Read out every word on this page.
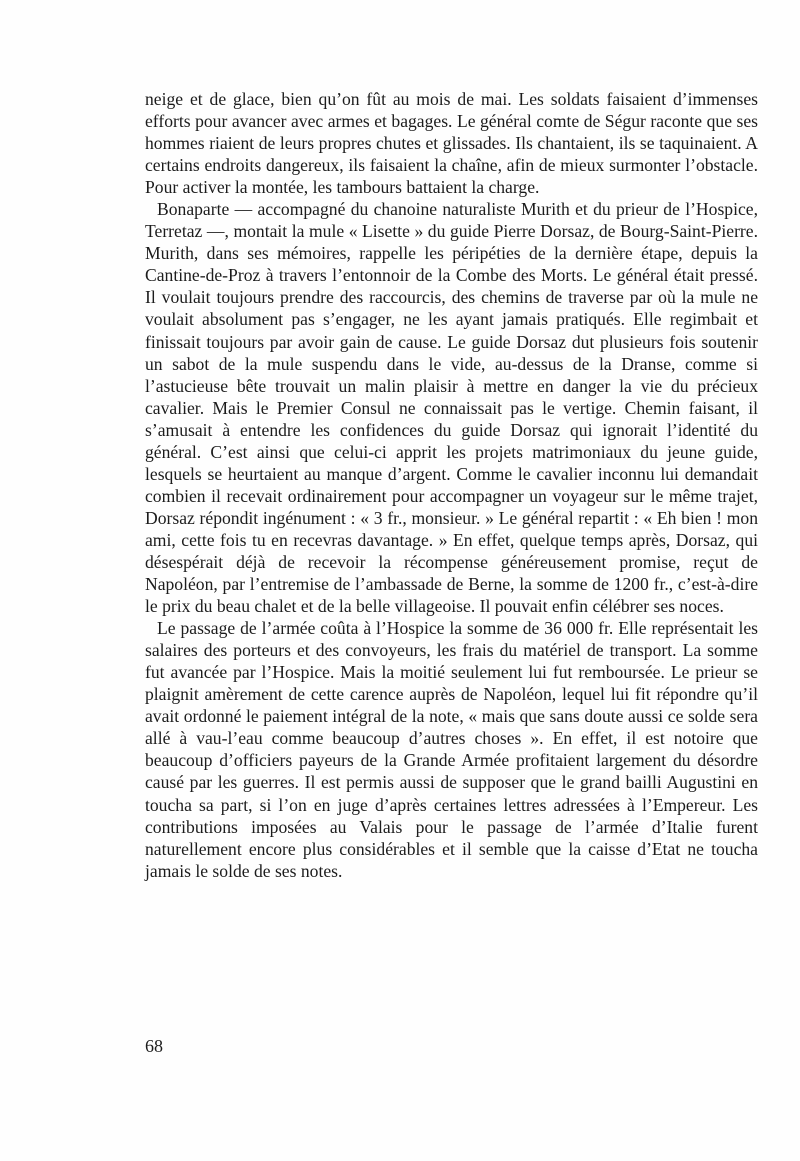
neige et de glace, bien qu’on fût au mois de mai. Les soldats faisaient d’immenses efforts pour avancer avec armes et bagages. Le général comte de Ségur raconte que ses hommes riaient de leurs propres chutes et glissades. Ils chantaient, ils se taquinaient. A certains endroits dangereux, ils faisaient la chaîne, afin de mieux surmonter l’obstacle. Pour activer la montée, les tambours battaient la charge.

Bonaparte — accompagné du chanoine naturaliste Murith et du prieur de l’Hospice, Terretaz —, montait la mule « Lisette » du guide Pierre Dorsaz, de Bourg-Saint-Pierre. Murith, dans ses mémoires, rappelle les péripéties de la dernière étape, depuis la Cantine-de-Proz à travers l’entonnoir de la Combe des Morts. Le général était pressé. Il voulait toujours prendre des raccourcis, des chemins de traverse par où la mule ne voulait absolument pas s’engager, ne les ayant jamais pratiqués. Elle regimbait et finissait toujours par avoir gain de cause. Le guide Dorsaz dut plusieurs fois soutenir un sabot de la mule suspendu dans le vide, au-dessus de la Dranse, comme si l’astucieuse bête trouvait un malin plaisir à mettre en danger la vie du précieux cavalier. Mais le Premier Consul ne connaissait pas le vertige. Chemin faisant, il s’amusait à entendre les confidences du guide Dorsaz qui ignorait l’identité du général. C’est ainsi que celui-ci apprit les projets matrimoniaux du jeune guide, lesquels se heurtaient au manque d’argent. Comme le cavalier inconnu lui demandait combien il recevait ordinairement pour accompagner un voyageur sur le même trajet, Dorsaz répondit ingénument : « 3 fr., monsieur. » Le général repartit : « Eh bien ! mon ami, cette fois tu en recevras davantage. » En effet, quelque temps après, Dorsaz, qui désespérait déjà de recevoir la récompense généreusement promise, reçut de Napoléon, par l’entremise de l’ambassade de Berne, la somme de 1200 fr., c’est-à-dire le prix du beau chalet et de la belle villageoise. Il pouvait enfin célébrer ses noces.

Le passage de l’armée coûta à l’Hospice la somme de 36 000 fr. Elle représentait les salaires des porteurs et des convoyeurs, les frais du matériel de transport. La somme fut avancée par l’Hospice. Mais la moitié seulement lui fut remboursée. Le prieur se plaignit amèrement de cette carence auprès de Napoléon, lequel lui fit répondre qu’il avait ordonné le paiement intégral de la note, « mais que sans doute aussi ce solde sera allé à vau-l’eau comme beaucoup d’autres choses ». En effet, il est notoire que beaucoup d’officiers payeurs de la Grande Armée profitaient largement du désordre causé par les guerres. Il est permis aussi de supposer que le grand bailli Augustini en toucha sa part, si l’on en juge d’après certaines lettres adressées à l’Empereur. Les contributions imposées au Valais pour le passage de l’armée d’Italie furent naturellement encore plus considérables et il semble que la caisse d’Etat ne toucha jamais le solde de ses notes.

68
